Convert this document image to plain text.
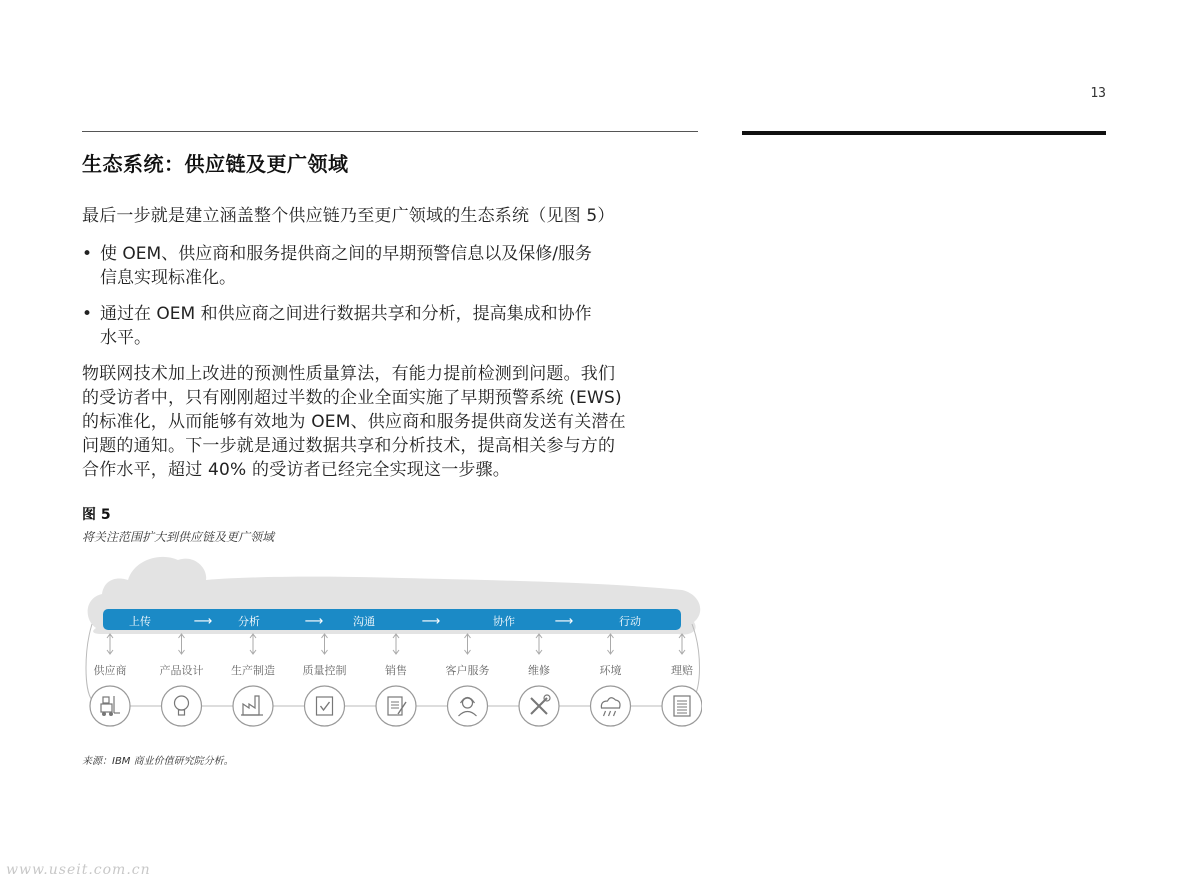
13
生态系统：供应链及更广领域

最后一步就是建立涵盖整个供应链乃至更广领域的生态系统（见图 5）

• 使 OEM、供应商和服务提供商之间的早期预警信息以及保修/服务
信息实现标准化。
• 通过在 OEM 和供应商之间进行数据共享和分析，提高集成和协作
水平。

物联网技术加上改进的预测性质量算法，有能力提前检测到问题。我们
的受访者中，只有刚刚超过半数的企业全面实施了早期预警系统 (EWS)
的标准化，从而能够有效地为 OEM、供应商和服务提供商发送有关潜在
问题的通知。下一步就是通过数据共享和分析技术，提高相关参与方的
合作水平，超过 40% 的受访者已经完全实现这一步骤。

图 5
将关注范围扩大到供应链及更广领域
上传	分析	沟通	协作	行动
⟶	⟶	⟶	⟶
供应商	产品设计	生产制造	质量控制	销售	客户服务	维修	环境	理赔
来源：IBM 商业价值研究院分析。
www.useit.com.cn
